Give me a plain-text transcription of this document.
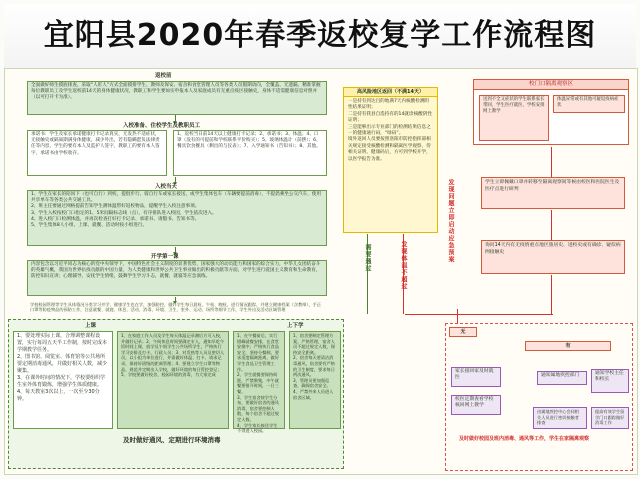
宜阳县2020年春季返校复学工作流程图
返校前
全面做好师生摸底排查，采取“人盯人”方式全面摸排学生、教师及保安、宿舍和食堂管理人员等各类人员假期动向，全覆盖、无遗漏，精准掌握每位教职员工及学生返校前14天的身体健康状况，教职工和学生要如实申报本人及家庭成员有无重点疫区接触史，身体不适需健康信息对照并（以可打开卡为准）。
入校准备、住校学生及教职员工
承诺书：学生及家长承诺健康打卡记录真实，无发热不适症状，无接触史或隔离期满身体健康，减少外出，若有隐瞒愿负法律责任等内容，学生的要有本人及监护人签字，教职工的要有本人签字，承诺书由学校收存。
1、返校当日前14天以上健康打卡记录；2、承诺书；3、体温；4、口罩（没有的可提前和学校联系平价购买）；5、玻璃体温计（前摆）；6、餐具饮食餐具（剩出的与仪表）；7、入学通知书（告知书）；8、其他。
入校当天
1、学生在家长的陪同下（也可自行）到校，提倡步行、骑自行车或家长接送，或学生集体包车（车辆要提前消毒），不提倡乘坐公交汽车，使用共享单车等各类公共交通工具。
2、班主任要通过网格提前告知学生测体温带好返校物品，提醒学生入校注意事项。
3、学生入校按校门口指定的1、5米间隔标志线（点），有序排队进入校园，学生依次进入。
4、进入校门口检测体温，并再次检查打好打卡记录、承诺书、请假书、告知书等。
5、学生集体8人小组，上课、就餐、活动时按小组进行。
开学第一课
内容包含以习近平同志为核心的党中央领导下，中国特色社会主义制度的显著优势，国家强大的动员能力和国家的综合实力，中华儿女团结奋斗的英雄气概，我国为世界抗疫贡献的中国力量，为人类健康和世界公共卫生事业做出的积极贡献等方面，对学生进行爱国主义教育和生命教育，防控知识宣讲；心理辅导，安抚学生情绪，鼓舞学生学习斗志，就餐，就寝等应急演练。
学校校园管理等学生具体情况分类学习并学，健康学生也在学，加强防控，做好学生每日晨检、午检、晚检，进行情况跟踪，并建立健康档案（含教师），手正口罩等防疫物品的预防工作，注意就餐、就寝、休息、活动、消毒、环境、卫生、室外、运动、场所等细节工作，学生外出及活动区域管理
上课	上下学
1、要处理实际上课，合理调整课程设置，实行每周五天半工作制，按时完成本学期教学任务。
2、图书馆、阅览室、体育馆等公共场所要定期消毒通风，并做好相关人数，减少聚集。
3、在课外时间的情况下，学校要组织学生室外体育锻炼，增强学生体质健康。
4、每天教室3次以上，一次至少30分钟。
1、在家庭工作人员及学生每天体温记录测后方可入校，并做好记录；2、午间休息时间要确定专人，通知早吃午饭时间上课，放学及午间学生公共场所学生，严格执行学习安排及打卡，行政人员；3、对发热等人员及密切人员，以小组为单位进行，并需做好体温、打卡、请求记录，保持好班级的距离管理；4、要建立学生口罩等物品，规范并定期出入学校，做好环境的每日管控登记；5、学校要做好校舍、校园环境的消毒，为大家完成
1、在午餐前后，实行错峰就餐安排，在食堂安排中；严格执行食品安全，坚持分餐制，要求适度隔离距离，做好学生食品卫生管理工作。
2、学生就餐要保持间距，严禁聚集，中午就餐要错开时间，一日三餐。
3、学生宿舍按学生分布，要做好宿舍的通风消毒，宿舍要控制人数，每个宿舍不超过规定人数。
4、学生家长接送学生不得进入校园。
1、宿舍要制定管理方案，严格管理，宿舍人员不超过规定人数，保持安全距离。
2、宿舍每天要清洁消毒通风，宿舍要有严格的卫生制度，要求每日两次通风。
3、管理员要加强巡查，确保宿舍安全。
4、严禁外来人员进入宿舍区域。
及时做好通风、定期进行环境消毒
高风险地区返回（不满14天）
一是持有到达目的地满7天内核酸检测阴性结果证明；
二是持有我县自选持有的14就诊核酸阴性证明；
三是能够出示专业部门的检测结果信息之一的健康通行码，“绿码”。
境外返回人员要按照洛阳市防控指挥部相关规定接受核酸检测和隔离医学观察，待相关证明、健康码后，方可到学校开学，以医学报告为准。
需要通过	发现体温不超过
发现问题立即启动应急预案
校门口隔离观察区
送到不全又症状的学生联系家长带回，学生医疗就医，学校安排网上教学
体温异常或有其他可疑返疫病症状
学生立即佩戴口罩并转移至隔离观察间等候由校医和医院医生及医疗点进行研判
询问14天内有无疫情重点地区旅居史、进校史或有确诊、疑似病例接触史
无
有
家长接回家及时就医
校医定期查看学校核回网上教学
通知属地疾控部门	通知学校主任和校长
由属地疾控中心会同相关人员进行密切接触者排查
提高有效学生留学门口跟踪做好消毒工作
及时做好校园及班内消毒、通风等工作，学生在家隔离观察
